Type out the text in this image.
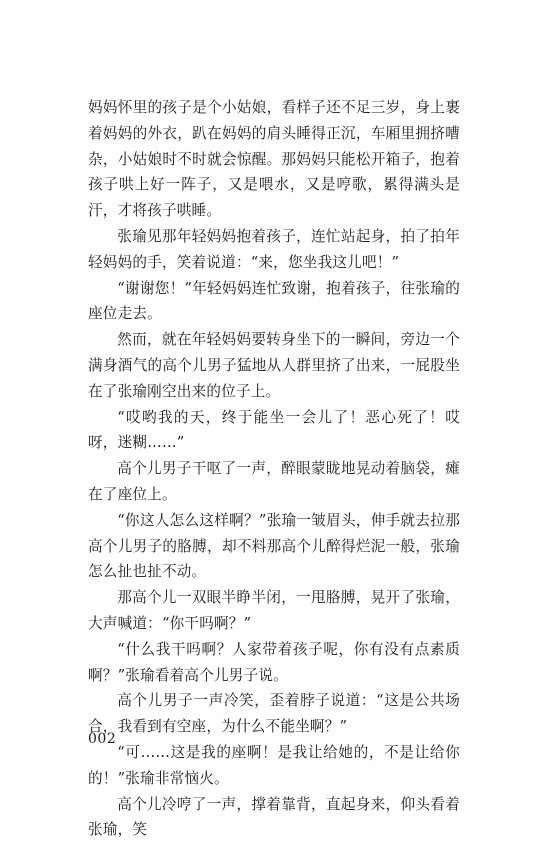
妈妈怀里的孩子是个小姑娘，看样子还不足三岁，身上裹着妈妈的外衣，趴在妈妈的肩头睡得正沉，车厢里拥挤嘈杂，小姑娘时不时就会惊醒。那妈妈只能松开箱子，抱着孩子哄上好一阵子，又是喂水，又是哼歌，累得满头是汗，才将孩子哄睡。

张瑜见那年轻妈妈抱着孩子，连忙站起身，拍了拍年轻妈妈的手，笑着说道：“来，您坐我这儿吧！”

“谢谢您！”年轻妈妈连忙致谢，抱着孩子，往张瑜的座位走去。

然而，就在年轻妈妈要转身坐下的一瞬间，旁边一个满身酒气的高个儿男子猛地从人群里挤了出来，一屁股坐在了张瑜刚空出来的位子上。

“哎哟我的天，终于能坐一会儿了！恶心死了！哎呀，迷糊……”

高个儿男子干呕了一声，醉眼蒙眬地晃动着脑袋，瘫在了座位上。

“你这人怎么这样啊？”张瑜一皱眉头，伸手就去拉那高个儿男子的胳膊，却不料那高个儿醉得烂泥一般，张瑜怎么扯也扯不动。

那高个儿一双眼半睁半闭，一甩胳膊，晃开了张瑜，大声喊道：“你干吗啊？”

“什么我干吗啊？人家带着孩子呢，你有没有点素质啊？”张瑜看着高个儿男子说。

高个儿男子一声冷笑，歪着脖子说道：“这是公共场合，我看到有空座，为什么不能坐啊？”

“可……这是我的座啊！是我让给她的，不是让给你的！”张瑜非常恼火。

高个儿冷哼了一声，撑着靠背，直起身来，仰头看着张瑜，笑

002
